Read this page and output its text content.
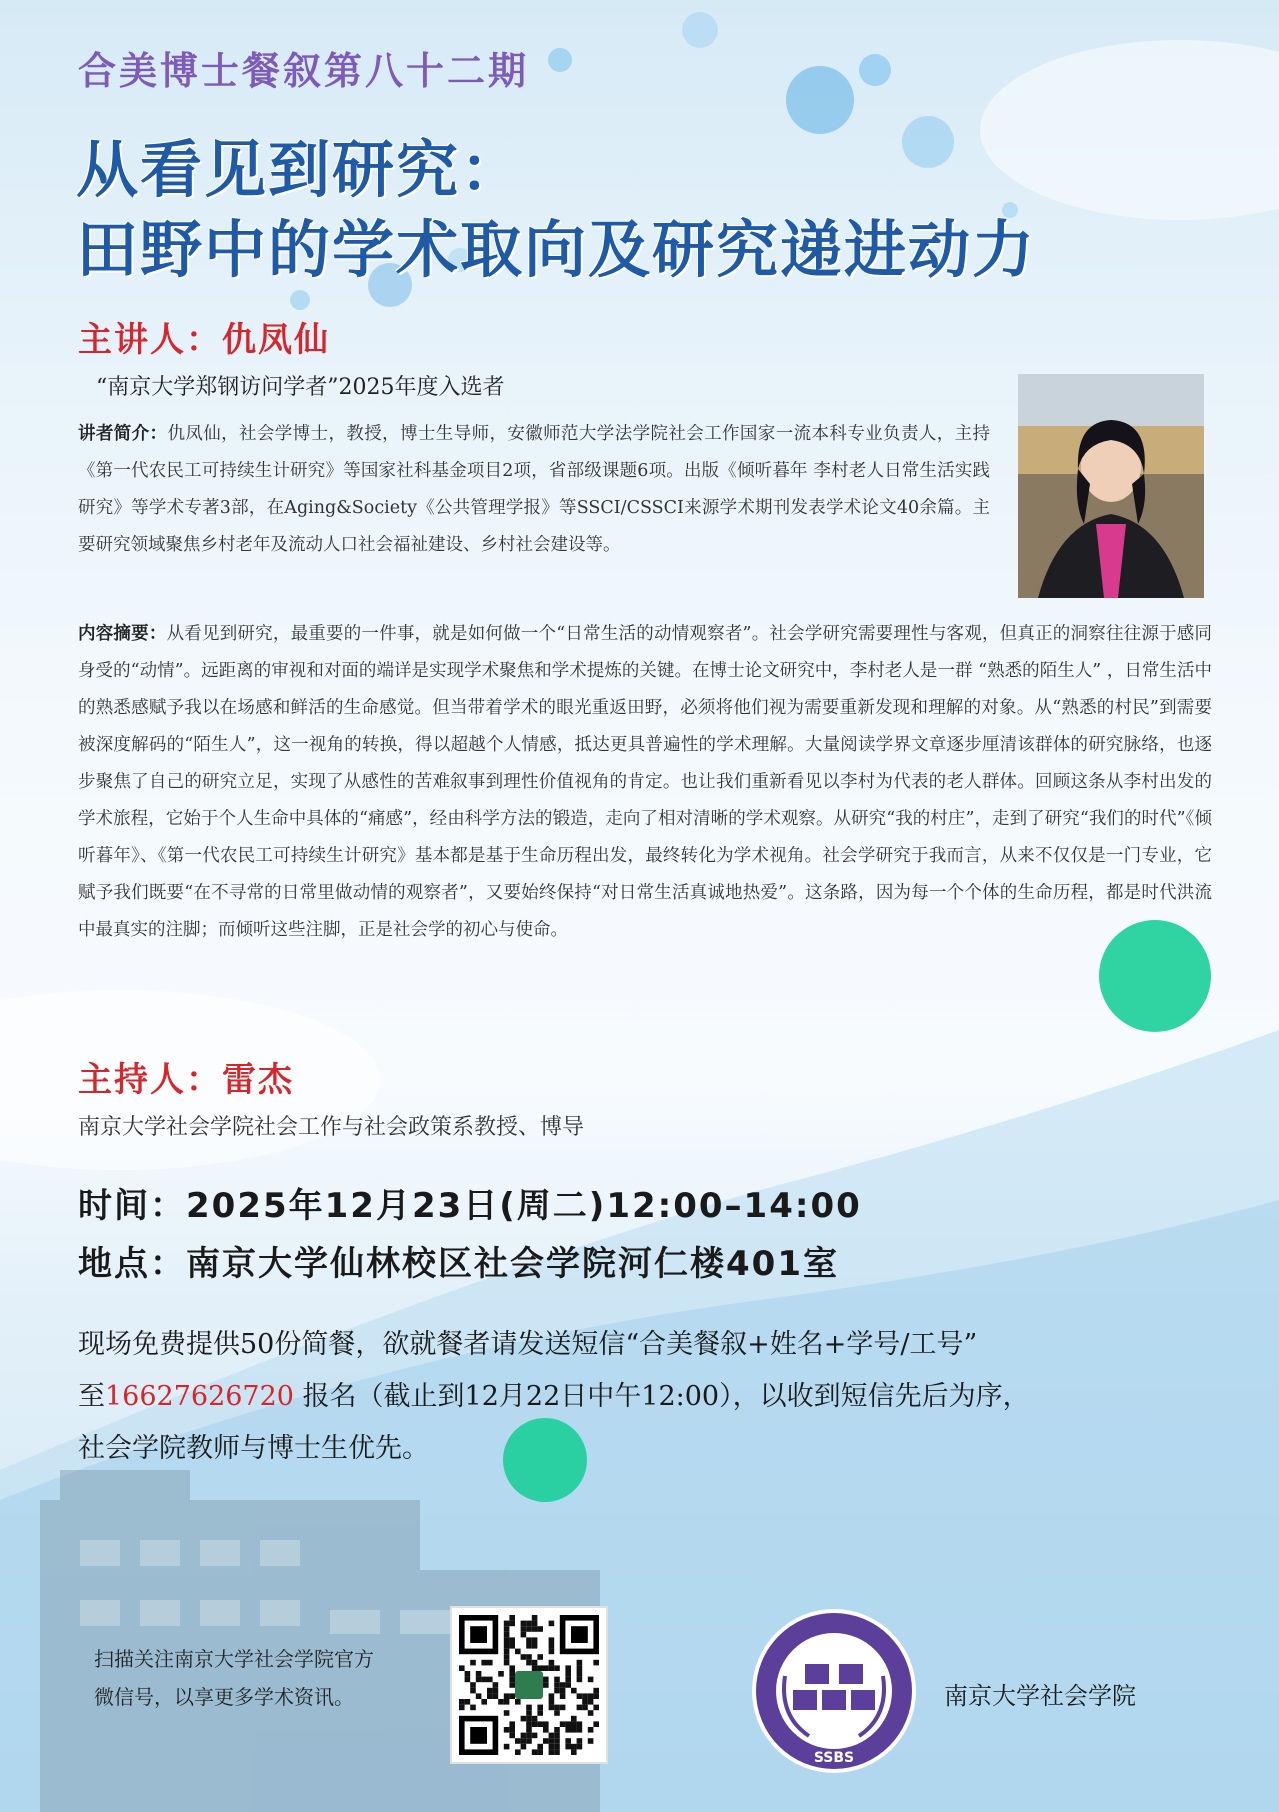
合美博士餐叙第八十二期
从看见到研究：
田野中的学术取向及研究递进动力
主讲人：仇凤仙
“南京大学郑钢访问学者”2025年度入选者
讲者简介：仇凤仙，社会学博士，教授，博士生导师，安徽师范大学法学院社会工作国家一流本科专业负责人，主持《第一代农民工可持续生计研究》等国家社科基金项目2项，省部级课题6项。出版《倾听暮年 李村老人日常生活实践研究》等学术专著3部，在Aging&Society《公共管理学报》等SSCI/CSSCI来源学术期刊发表学术论文40余篇。主要研究领域聚焦乡村老年及流动人口社会福祉建设、乡村社会建设等。
内容摘要：从看见到研究，最重要的一件事，就是如何做一个“日常生活的动情观察者”。社会学研究需要理性与客观，但真正的洞察往往源于感同身受的“动情”。远距离的审视和对面的端详是实现学术聚焦和学术提炼的关键。在博士论文研究中，李村老人是一群 “熟悉的陌生人” ，日常生活中的熟悉感赋予我以在场感和鲜活的生命感觉。但当带着学术的眼光重返田野，必须将他们视为需要重新发现和理解的对象。从“熟悉的村民”到需要被深度解码的“陌生人”，这一视角的转换，得以超越个人情感，抵达更具普遍性的学术理解。大量阅读学界文章逐步厘清该群体的研究脉络，也逐步聚焦了自己的研究立足，实现了从感性的苦难叙事到理性价值视角的肯定。也让我们重新看见以李村为代表的老人群体。回顾这条从李村出发的学术旅程，它始于个人生命中具体的“痛感”，经由科学方法的锻造，走向了相对清晰的学术观察。从研究“我的村庄”，走到了研究“我们的时代”《倾听暮年》、《第一代农民工可持续生计研究》基本都是基于生命历程出发，最终转化为学术视角。社会学研究于我而言，从来不仅仅是一门专业，它赋予我们既要“在不寻常的日常里做动情的观察者”，又要始终保持“对日常生活真诚地热爱”。这条路，因为每一个个体的生命历程，都是时代洪流中最真实的注脚；而倾听这些注脚，正是社会学的初心与使命。
主持人：雷杰
南京大学社会学院社会工作与社会政策系教授、博导
时间：2025年12月23日(周二)12:00–14:00
地点：南京大学仙林校区社会学院河仁楼401室
现场免费提供50份简餐，欲就餐者请发送短信“合美餐叙+姓名+学号/工号”
至16627626720 报名（截止到12月22日中午12:00），以收到短信先后为序，
社会学院教师与博士生优先。
扫描关注南京大学社会学院官方
微信号，以享更多学术资讯。
SSBS
南京大学社会学院
